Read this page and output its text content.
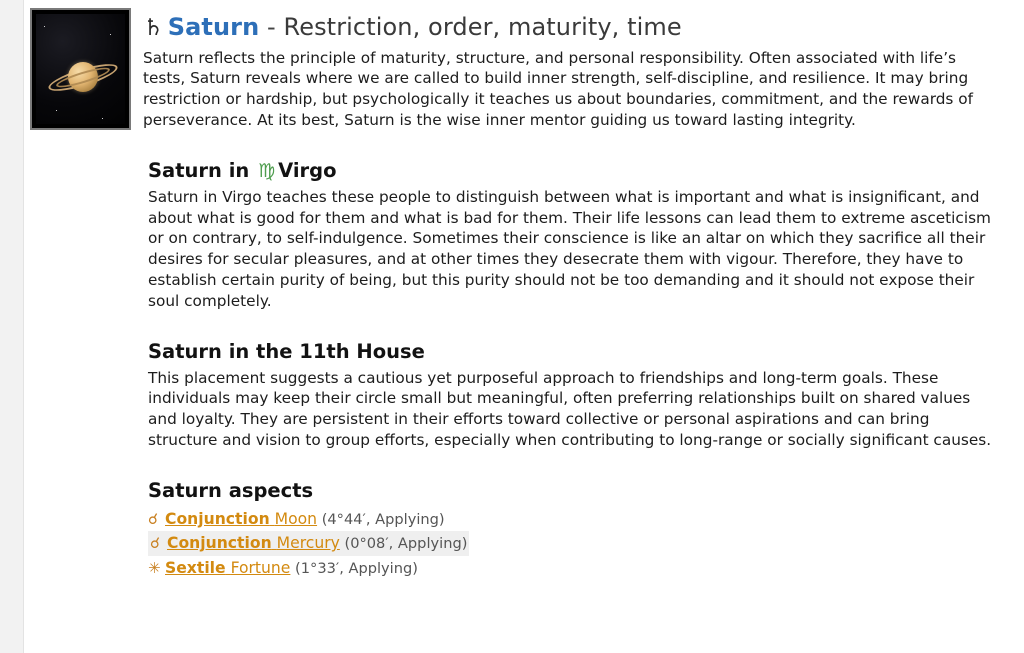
♄ Saturn - Restriction, order, maturity, time

Saturn reflects the principle of maturity, structure, and personal responsibility. Often associated with life’s tests, Saturn reveals where we are called to build inner strength, self-discipline, and resilience. It may bring restriction or hardship, but psychologically it teaches us about boundaries, commitment, and the rewards of perseverance. At its best, Saturn is the wise inner mentor guiding us toward lasting integrity.

Saturn in ♍ Virgo

Saturn in Virgo teaches these people to distinguish between what is important and what is insignificant, and about what is good for them and what is bad for them. Their life lessons can lead them to extreme asceticism or on contrary, to self-indulgence. Sometimes their conscience is like an altar on which they sacrifice all their desires for secular pleasures, and at other times they desecrate them with vigour. Therefore, they have to establish certain purity of being, but this purity should not be too demanding and it should not expose their soul completely.

Saturn in the 11th House

This placement suggests a cautious yet purposeful approach to friendships and long-term goals. These individuals may keep their circle small but meaningful, often preferring relationships built on shared values and loyalty. They are persistent in their efforts toward collective or personal aspirations and can bring structure and vision to group efforts, especially when contributing to long-range or socially significant causes.

Saturn aspects
☌ Conjunction Moon (4°44′, Applying)
☌ Conjunction Mercury (0°08′, Applying)
✳ Sextile Fortune (1°33′, Applying)
